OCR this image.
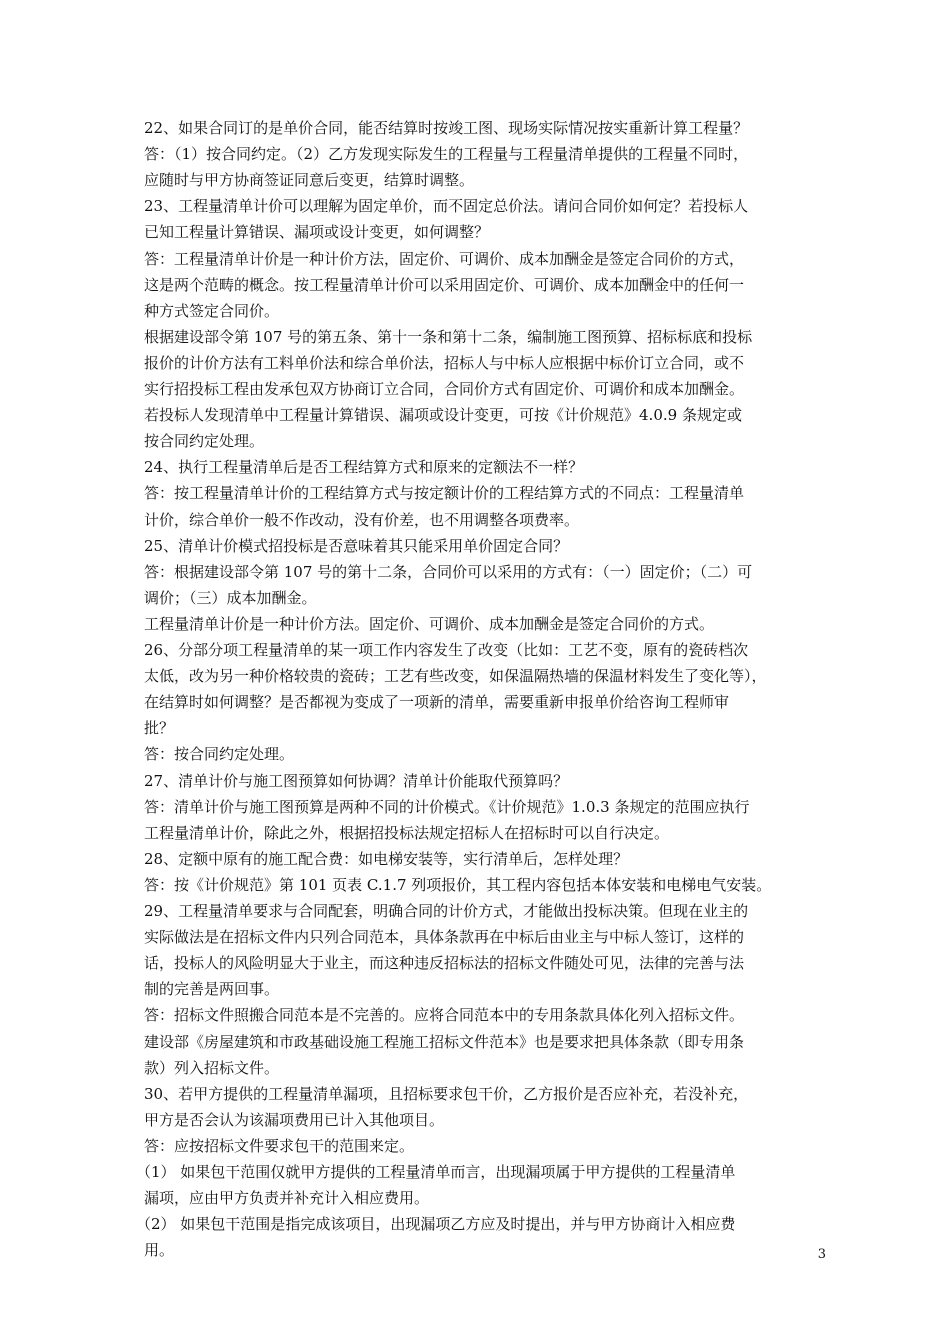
22、如果合同订的是单价合同，能否结算时按竣工图、现场实际情况按实重新计算工程量？
答：（1）按合同约定。（2）乙方发现实际发生的工程量与工程量清单提供的工程量不同时，
应随时与甲方协商签证同意后变更，结算时调整。
23、工程量清单计价可以理解为固定单价，而不固定总价法。请问合同价如何定？若投标人
已知工程量计算错误、漏项或设计变更，如何调整？
答：工程量清单计价是一种计价方法，固定价、可调价、成本加酬金是签定合同价的方式，
这是两个范畴的概念。按工程量清单计价可以采用固定价、可调价、成本加酬金中的任何一
种方式签定合同价。
根据建设部令第 107 号的第五条、第十一条和第十二条，编制施工图预算、招标标底和投标
报价的计价方法有工料单价法和综合单价法，招标人与中标人应根据中标价订立合同，或不
实行招投标工程由发承包双方协商订立合同，合同价方式有固定价、可调价和成本加酬金。
若投标人发现清单中工程量计算错误、漏项或设计变更，可按《计价规范》4.0.9 条规定或
按合同约定处理。
24、执行工程量清单后是否工程结算方式和原来的定额法不一样？
答：按工程量清单计价的工程结算方式与按定额计价的工程结算方式的不同点：工程量清单
计价，综合单价一般不作改动，没有价差，也不用调整各项费率。
25、清单计价模式招投标是否意味着其只能采用单价固定合同？
答：根据建设部令第 107 号的第十二条，合同价可以采用的方式有：（一）固定价；（二）可
调价；（三）成本加酬金。
工程量清单计价是一种计价方法。固定价、可调价、成本加酬金是签定合同价的方式。
26、分部分项工程量清单的某一项工作内容发生了改变（比如：工艺不变，原有的瓷砖档次
太低，改为另一种价格较贵的瓷砖；工艺有些改变，如保温隔热墙的保温材料发生了变化等），
在结算时如何调整？是否都视为变成了一项新的清单，需要重新申报单价给咨询工程师审
批？
答：按合同约定处理。
27、清单计价与施工图预算如何协调？清单计价能取代预算吗？
答：清单计价与施工图预算是两种不同的计价模式。《计价规范》1.0.3 条规定的范围应执行
工程量清单计价，除此之外，根据招投标法规定招标人在招标时可以自行决定。
28、定额中原有的施工配合费：如电梯安装等，实行清单后，怎样处理？
答：按《计价规范》第 101 页表 C.1.7 列项报价，其工程内容包括本体安装和电梯电气安装。
29、工程量清单要求与合同配套，明确合同的计价方式，才能做出投标决策。但现在业主的
实际做法是在招标文件内只列合同范本，具体条款再在中标后由业主与中标人签订，这样的
话，投标人的风险明显大于业主，而这种违反招标法的招标文件随处可见，法律的完善与法
制的完善是两回事。
答：招标文件照搬合同范本是不完善的。应将合同范本中的专用条款具体化列入招标文件。
建设部《房屋建筑和市政基础设施工程施工招标文件范本》也是要求把具体条款（即专用条
款）列入招标文件。
30、若甲方提供的工程量清单漏项，且招标要求包干价，乙方报价是否应补充，若没补充，
甲方是否会认为该漏项费用已计入其他项目。
答：应按招标文件要求包干的范围来定。
（1） 如果包干范围仅就甲方提供的工程量清单而言，出现漏项属于甲方提供的工程量清单
漏项，应由甲方负责并补充计入相应费用。
（2） 如果包干范围是指完成该项目，出现漏项乙方应及时提出，并与甲方协商计入相应费
用。	3
